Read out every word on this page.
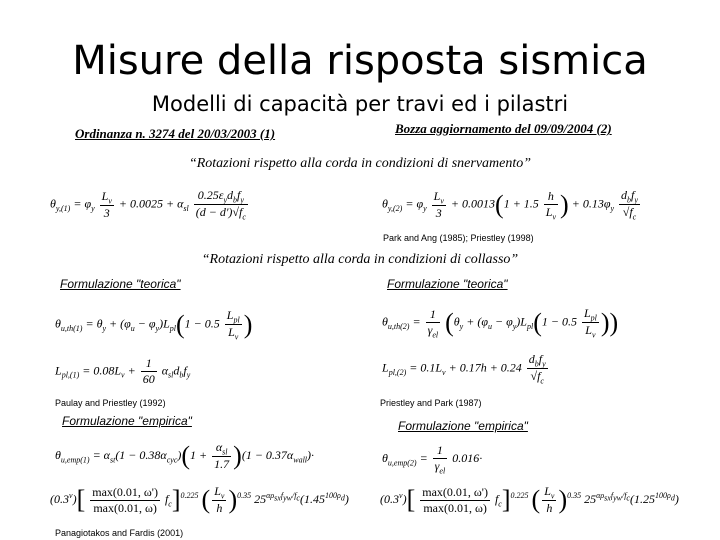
Misure della risposta sismica
Modelli di capacità per travi ed i pilastri
Ordinanza n. 3274 del 20/03/2003 (1)	Bozza aggiornamento del 09/09/2004 (2)
“Rotazioni rispetto alla corda in condizioni di snervamento”
$\theta_{y,(1)} = \varphi_y \frac{L_v}{3} + 0.0025 + \alpha_{sl} \frac{0.25\varepsilon_yd_bf_y}{(d - d')√f_c}$	$\theta_{y,(2)} = \varphi_y \frac{L_v}{3} + 0.0013(1 + 1.5 \frac{h}{L_v}$ ) + $0.13\varphi_y \frac{d_bf_y}{√f_c}$
Park and Ang (1985); Priestley (1998)
“Rotazioni rispetto alla corda in condizioni di collasso”
Formulazione "teorica"	Formulazione "teorica"
$\theta_{u,th(1)} = \theta_y + (\varphi_u - \varphi_y)L_{pl}(1 - 0.5 \frac{L_{pl}}{L_v}$ )
$L_{pl,(1)} = 0.08L_v + \frac{1}{60} \alpha_{sl}d_bf_y$
$\theta_{u,th(2)} = \frac{1}{\gamma_{el}} (\theta_y + (\varphi_u - \varphi_y)L_{pl}(1 - 0.5 \frac{L_{pl}}{L_v}$ ))
$L_{pl,(2)} = 0.1L_v + 0.17h + 0.24 \frac{d_bf_y}{√f_c}$
Paulay and Priestley (1992)	Priestley and Park (1987)
Formulazione "empirica"	Formulazione "empirica"
$\theta_{u,emp(1)} = \alpha_{st}(1 - 0.38\alpha_{cyc})(1 + \frac{\alpha_{sl}}{1.7} )(1 - 0.37\alpha_{wall})\cdot$
$(0.3^\nu)[ \frac{\max(0.01, \omega')}{\max(0.01, \omega)} f_c]^{0.225}$ ( $\frac{L_v}{h} )^{0.35}$ $25^{\alpha\rho_{sx}f_{yw}/f_c}(1.45^{100\rho_d})$
$\theta_{u,emp(2)} = \frac{1}{\gamma_{el}} 0.016\cdot$
$(0.3^\nu)[ \frac{\max(0.01, \omega')}{\max(0.01, \omega)} f_c]^{0.225}$ ( $\frac{L_v}{h} )^{0.35}$ $25^{\alpha\rho_{sx}f_{yw}/f_c}(1.25^{100\rho_d})$
Panagiotakos and Fardis (2001)
